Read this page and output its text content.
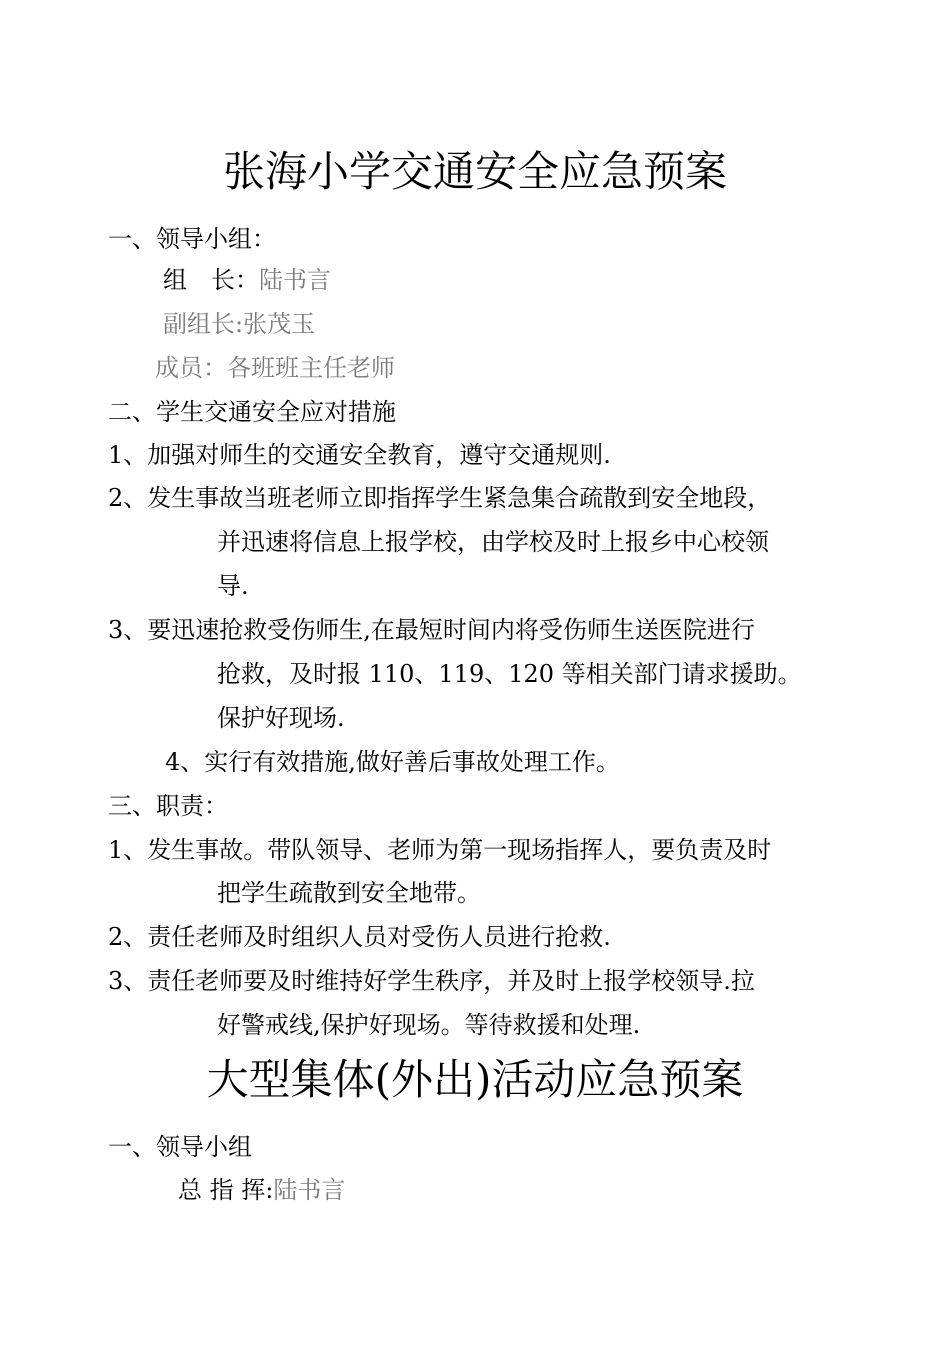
张海小学交通安全应急预案
一、领导小组：
组　长：陆书言
副组长:张茂玉
成员：各班班主任老师
二、学生交通安全应对措施
1、加强对师生的交通安全教育，遵守交通规则.
2、发生事故当班老师立即指挥学生紧急集合疏散到安全地段，
并迅速将信息上报学校，由学校及时上报乡中心校领
导.
3、要迅速抢救受伤师生,在最短时间内将受伤师生送医院进行
抢救，及时报 110、119、120 等相关部门请求援助。
保护好现场.
4、实行有效措施,做好善后事故处理工作。
三、职责：
1、发生事故。带队领导、老师为第一现场指挥人，要负责及时
把学生疏散到安全地带。
2、责任老师及时组织人员对受伤人员进行抢救.
3、责任老师要及时维持好学生秩序，并及时上报学校领导.拉
好警戒线,保护好现场。等待救援和处理.
大型集体(外出)活动应急预案
一、领导小组
总 指 挥:陆书言
